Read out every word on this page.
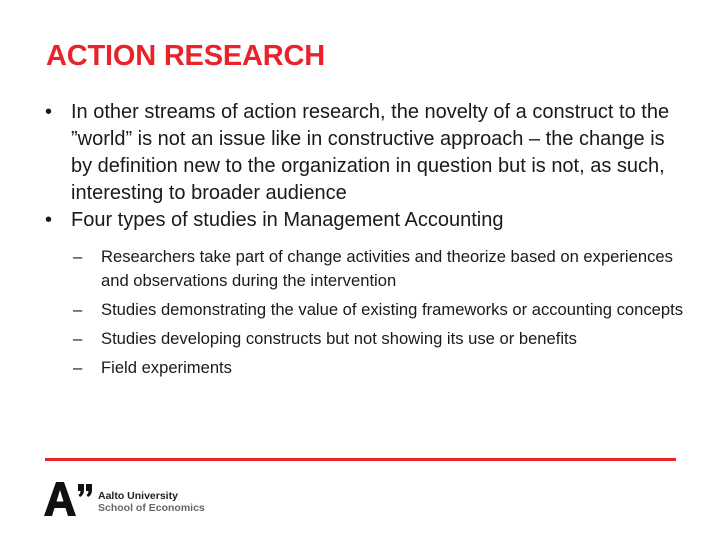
ACTION RESEARCH
• In other streams of action research, the novelty of a construct to the ”world” is not an issue like in constructive approach – the change is by definition new to the organization in question but is not, as such, interesting to broader audience
• Four types of studies in Management Accounting
– Researchers take part of change activities and theorize based on experiences and observations during the intervention
– Studies demonstrating the value of existing frameworks or accounting concepts
– Studies developing constructs but not showing its use or benefits
– Field experiments
Aalto University
School of Economics
